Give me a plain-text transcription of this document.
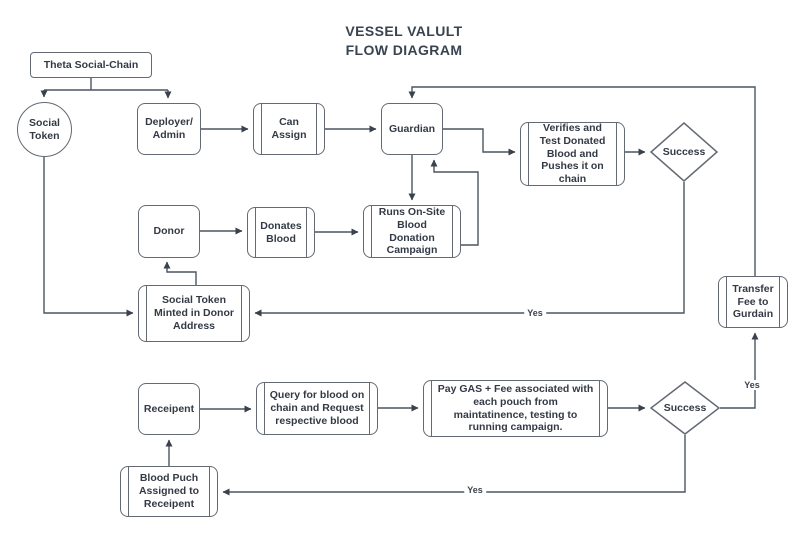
VESSEL VALULT
FLOW DIAGRAM
Theta Social-Chain
Social Token
Deployer/ Admin
Can Assign
Guardian	Verifies and Test Donated Blood and Pushes it on chain
Success
Donor	Donates Blood
Runs On-Site Blood Donation Campaign
Social Token Minted in Donor Address
Transfer Fee to Gurdain
Receipent
Query for blood on chain and Request respective blood
Pay GAS + Fee associated with each pouch from maintatinence, testing to running campaign.
Success
Blood Puch Assigned to Receipent
Yes
Yes
Yes
